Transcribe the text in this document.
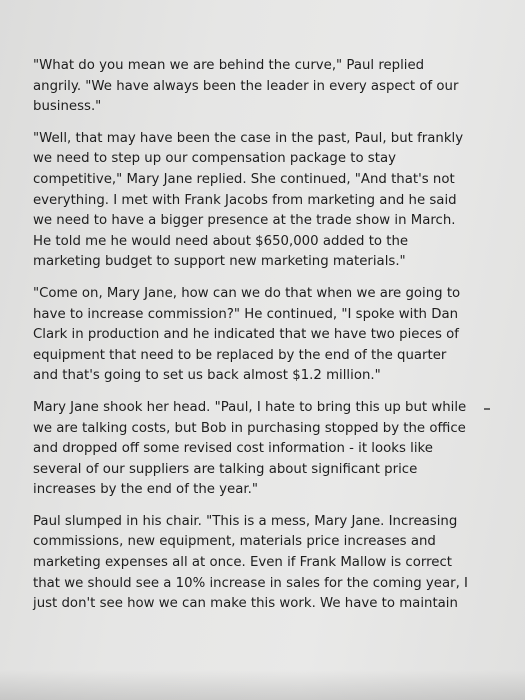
"What do you mean we are behind the curve," Paul replied
angrily. "We have always been the leader in every aspect of our
business."

"Well, that may have been the case in the past, Paul, but frankly
we need to step up our compensation package to stay
competitive," Mary Jane replied. She continued, "And that's not
everything. I met with Frank Jacobs from marketing and he said
we need to have a bigger presence at the trade show in March.
He told me he would need about $650,000 added to the
marketing budget to support new marketing materials."

"Come on, Mary Jane, how can we do that when we are going to
have to increase commission?" He continued, "I spoke with Dan
Clark in production and he indicated that we have two pieces of
equipment that need to be replaced by the end of the quarter
and that's going to set us back almost $1.2 million."

Mary Jane shook her head. "Paul, I hate to bring this up but while
we are talking costs, but Bob in purchasing stopped by the office
and dropped off some revised cost information - it looks like
several of our suppliers are talking about significant price
increases by the end of the year."

Paul slumped in his chair. "This is a mess, Mary Jane. Increasing
commissions, new equipment, materials price increases and
marketing expenses all at once. Even if Frank Mallow is correct
that we should see a 10% increase in sales for the coming year, I
just don't see how we can make this work. We have to maintain
